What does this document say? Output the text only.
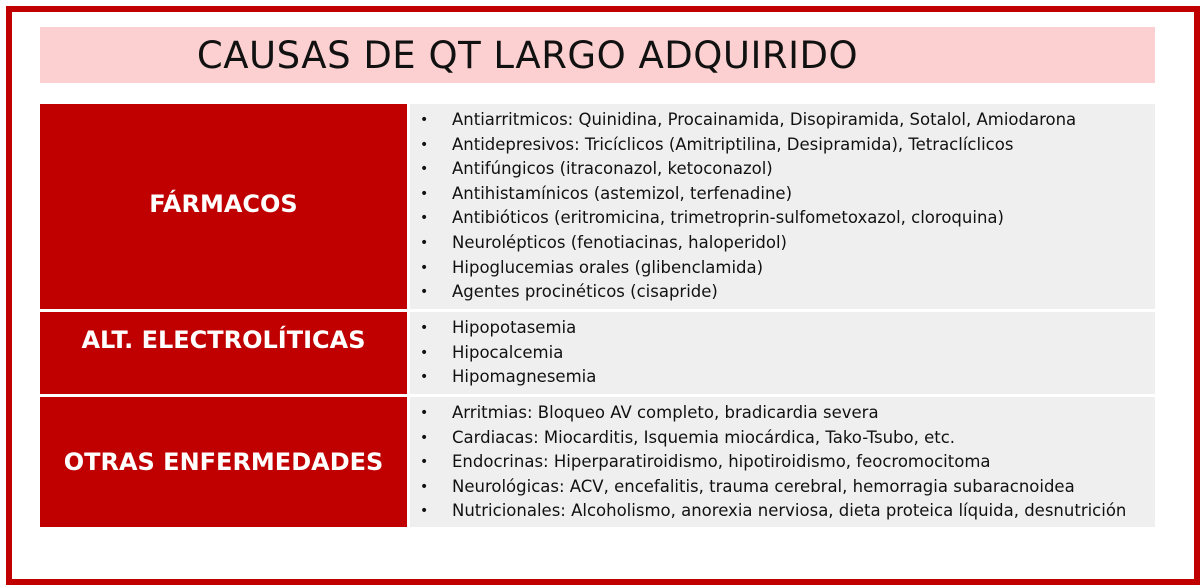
CAUSAS DE QT LARGO ADQUIRIDO
FÁRMACOS
•	Antiarritmicos: Quinidina, Procainamida, Disopiramida, Sotalol, Amiodarona
•	Antidepresivos: Tricíclicos (Amitriptilina, Desipramida), Tetraclíclicos
•	Antifúngicos (itraconazol, ketoconazol)
•	Antihistamínicos (astemizol, terfenadine)
•	Antibióticos (eritromicina, trimetroprin-sulfometoxazol, cloroquina)
•	Neurolépticos (fenotiacinas, haloperidol)
•	Hipoglucemias orales (glibenclamida)
•	Agentes procinéticos (cisapride)
ALT. ELECTROLÍTICAS	•	Hipopotasemia
•	Hipocalcemia
•	Hipomagnesemia
OTRAS ENFERMEDADES
•	Arritmias: Bloqueo AV completo, bradicardia severa
•	Cardiacas: Miocarditis, Isquemia miocárdica, Tako-Tsubo, etc.
•	Endocrinas: Hiperparatiroidismo, hipotiroidismo, feocromocitoma
•	Neurológicas: ACV, encefalitis, trauma cerebral, hemorragia subaracnoidea
•	Nutricionales: Alcoholismo, anorexia nerviosa, dieta proteica líquida, desnutrición
